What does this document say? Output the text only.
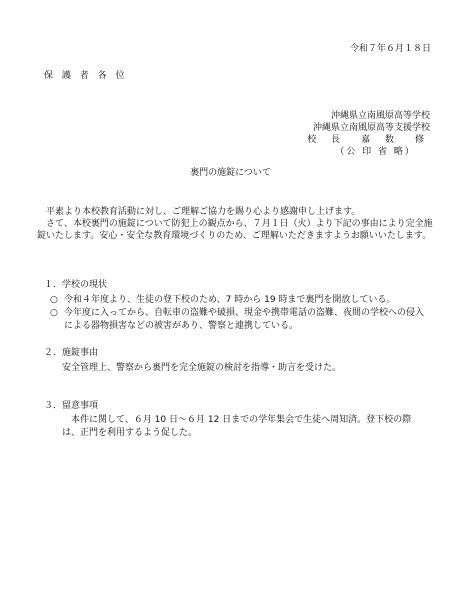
令和７年６月１８日
保 護 者 各 位
沖縄県立南風原高等学校
沖縄県立南風原高等支援学校
校 長　嘉 数　修
（公 印 省 略）
裏門の施錠について

平素より本校教育活動に対し、ご理解ご協力を賜り心より感謝申し上げます。

さて、本校裏門の施錠について防犯上の観点から、７月１日（火）より下記の事由により完全施錠いたします。安心・安全な教育環境づくりのため、ご理解いただきますようお願いいたします。

１．学校の現状
○ 令和４年度より、生徒の登下校のため、7 時から 19 時まで裏門を開放している。
○ 今年度に入ってから、自転車の盗難や破損、現金や携帯電話の盗難、夜間の学校への侵入による器物損害などの被害があり、警察と連携している。
２．施錠事由
安全管理上、警察から裏門を完全施錠の検討を指導・助言を受けた。
３．留意事項
本件に関して、６月 10 日～６月 12 日までの学年集会で生徒へ周知済。登下校の際は、正門を利用するよう促した。
